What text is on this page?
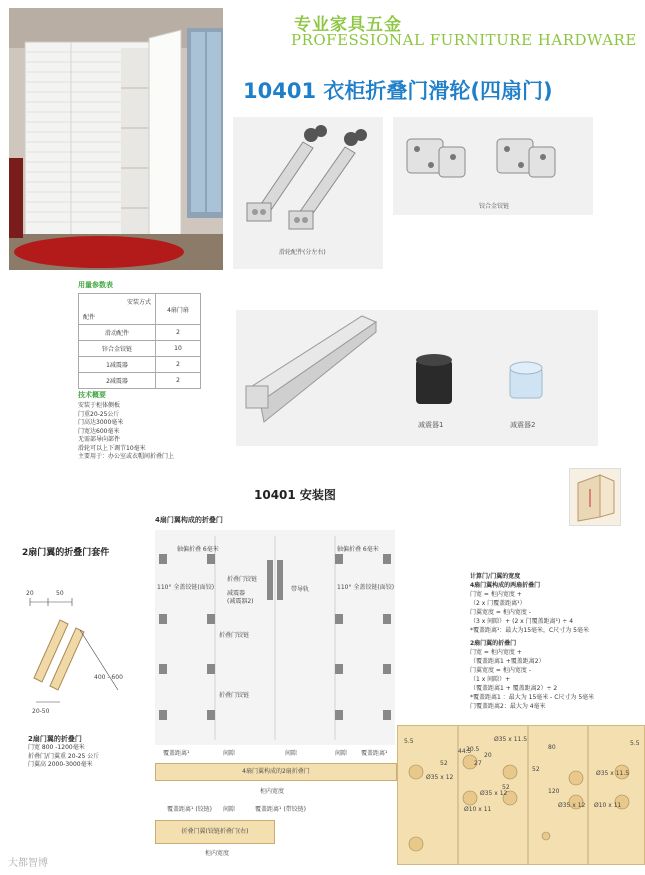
专业家具五金
PROFESSIONAL FURNITURE HARDWARE
10401 衣柜折叠门滑轮(四扇门)
滑轮配件(分左右)
铰合金铰链
用量参数表
安装方式
配件	4扇门扇
滑动配件	2
锌合金铰链	10
1减震器	2
2减震器	2
技术概要
安装于柜体侧板
门重20-25公斤
门高达3000毫米
门宽达600毫米
无需部导向部件
滑轮可以上下调节10毫米
主要用于：办公室或衣帽间折叠门上
减震器1	减震器2
10401 安装图
2扇门翼的折叠门套件
20	50
400 - 600
20-50
2扇门翼的折叠门
门宽 800 -1200毫米
折叠门/门翼重 20-25 公斤
门翼高 2000-3000毫米
4扇门翼构成的折叠门
轴偏折叠 6毫米	轴偏折叠 6毫米
110° 全盖铰链(面铰)	110° 全盖铰链(面铰)
折叠门铰链
带导轨
折叠门铰链
折叠门铰链
减震器
(减震器2)
覆盖距离¹	间隙	间隙	间隙 覆盖距离¹
4扇门翼构成的2扇折叠门
柜内宽度
覆盖距离¹ (铰链) 间隙	覆盖距离¹ (带铰链)
折叠门翼(铰链折叠门(右)
柜内宽度
计算门/门翼的宽度
4扇门翼构成的两扇折叠门
门宽 = 柜内宽度 +
（2 x 门覆盖距离¹）
门翼宽度 = 柜内宽度 -
（3 x 间隙）+ (2 x 门覆盖距离¹) ÷ 4
*覆盖距离¹：最大为15毫米，C尺寸为 5毫米
2扇门翼的折叠门
门宽 = 柜内宽度 +
（覆盖距离1 +覆盖距离2）
门翼宽度 = 柜内宽度 -
（1 x 间隙）+
（覆盖距离1 + 覆盖距离2）÷ 2
*覆盖距离1 ：最大为 15毫米 - C尺寸为 5毫米
门覆盖距离2：最大为 4毫米
5.5
Ø35 x 12
Ø35 x 11.5
52
20.5
20
44.5
27
80
52
120
5.5
Ø35 x 11.5
Ø35 x 12 Ø10 x 11
Ø35 x 12
Ø10 x 11
52
大都智博
